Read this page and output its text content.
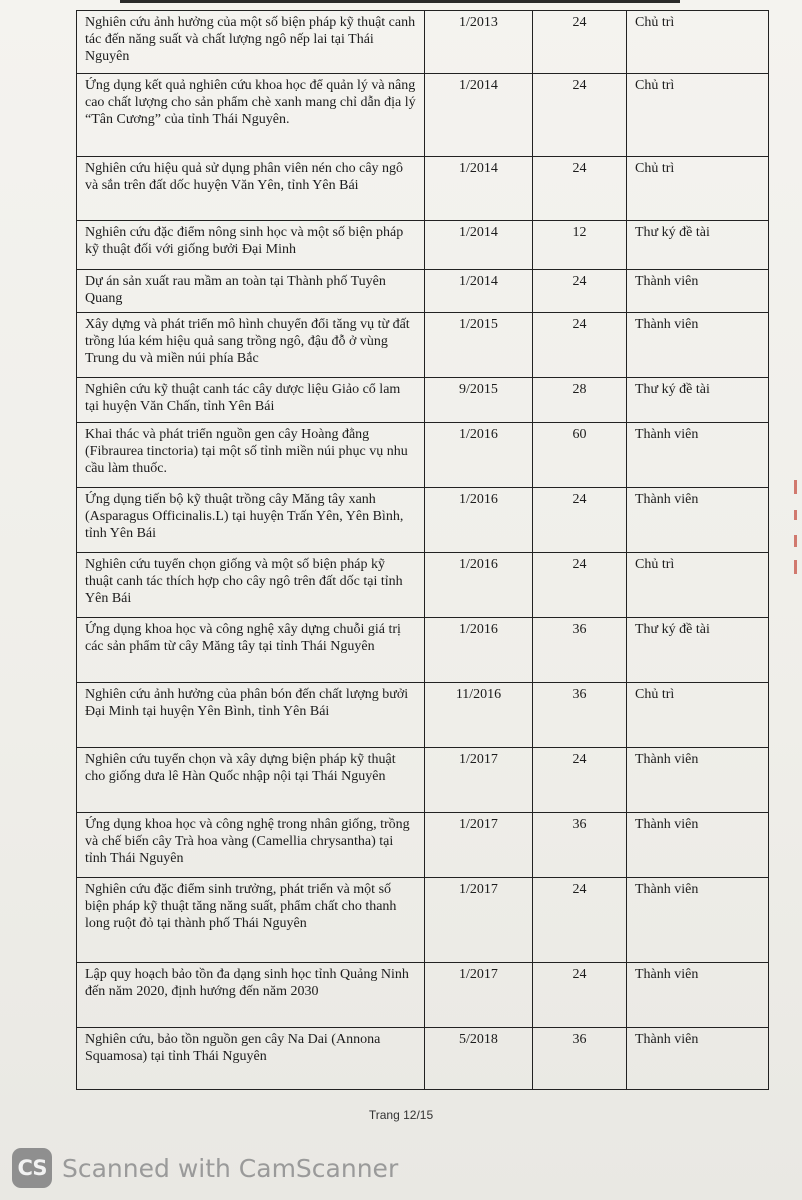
Nghiên cứu ảnh hưởng của một số biện pháp kỹ thuật canh tác đến năng suất và chất lượng ngô nếp lai tại Thái Nguyên	1/2013	24	Chủ trì
Ứng dụng kết quả nghiên cứu khoa học để quản lý và nâng cao chất lượng cho sản phẩm chè xanh mang chỉ dẫn địa lý “Tân Cương” của tỉnh Thái Nguyên.	1/2014	24	Chủ trì
Nghiên cứu hiệu quả sử dụng phân viên nén cho cây ngô và sắn trên đất dốc huyện Văn Yên, tỉnh Yên Bái	1/2014	24	Chủ trì
Nghiên cứu đặc điểm nông sinh học và một số biện pháp kỹ thuật đối với giống bưởi Đại Minh	1/2014	12	Thư ký đề tài
Dự án sản xuất rau mầm an toàn tại Thành phố Tuyên Quang	1/2014	24	Thành viên
Xây dựng và phát triển mô hình chuyển đổi tăng vụ từ đất trồng lúa kém hiệu quả sang trồng ngô, đậu đỗ ở vùng Trung du và miền núi phía Bắc	1/2015	24	Thành viên
Nghiên cứu kỹ thuật canh tác cây dược liệu Giảo cổ lam tại huyện Văn Chấn, tỉnh Yên Bái	9/2015	28	Thư ký đề tài
Khai thác và phát triển nguồn gen cây Hoàng đằng (Fibraurea tinctoria) tại một số tỉnh miền núi phục vụ nhu cầu làm thuốc.	1/2016	60	Thành viên
Ứng dụng tiến bộ kỹ thuật trồng cây Măng tây xanh (Asparagus Officinalis.L) tại huyện Trấn Yên, Yên Bình, tỉnh Yên Bái	1/2016	24	Thành viên
Nghiên cứu tuyển chọn giống và một số biện pháp kỹ thuật canh tác thích hợp cho cây ngô trên đất dốc tại tỉnh Yên Bái	1/2016	24	Chủ trì
Ứng dụng khoa học và công nghệ xây dựng chuỗi giá trị các sản phẩm từ cây Măng tây tại tỉnh Thái Nguyên	1/2016	36	Thư ký đề tài
Nghiên cứu ảnh hưởng của phân bón đến chất lượng bưởi Đại Minh tại huyện Yên Bình, tỉnh Yên Bái	11/2016	36	Chủ trì
Nghiên cứu tuyển chọn và xây dựng biện pháp kỹ thuật cho giống dưa lê Hàn Quốc nhập nội tại Thái Nguyên	1/2017	24	Thành viên
Ứng dụng khoa học và công nghệ trong nhân giống, trồng và chế biến cây Trà hoa vàng (Camellia chrysantha) tại tỉnh Thái Nguyên	1/2017	36	Thành viên
Nghiên cứu đặc điểm sinh trưởng, phát triển và một số biện pháp kỹ thuật tăng năng suất, phẩm chất cho thanh long ruột đỏ tại thành phố Thái Nguyên	1/2017	24	Thành viên
Lập quy hoạch bảo tồn đa dạng sinh học tỉnh Quảng Ninh đến năm 2020, định hướng đến năm 2030	1/2017	24	Thành viên
Nghiên cứu, bảo tồn nguồn gen cây Na Dai (Annona Squamosa) tại tỉnh Thái Nguyên	5/2018	36	Thành viên
Trang 12/15
CS Scanned with CamScanner
